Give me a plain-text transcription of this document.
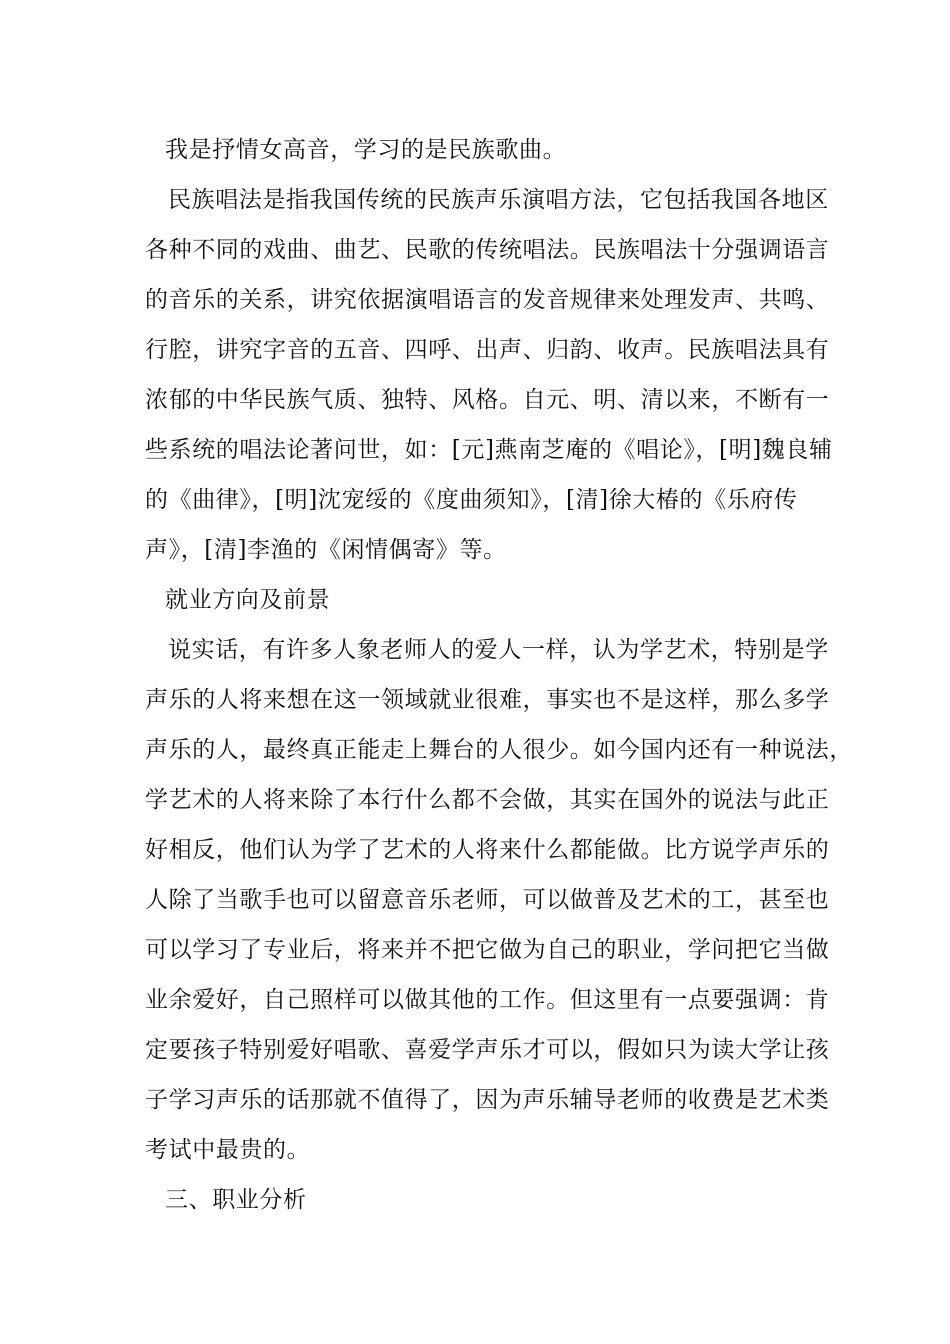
我是抒情女高音，学习的是民族歌曲。
民族唱法是指我国传统的民族声乐演唱方法，它包括我国各地区
各种不同的戏曲、曲艺、民歌的传统唱法。民族唱法十分强调语言
的音乐的关系，讲究依据演唱语言的发音规律来处理发声、共鸣、
行腔，讲究字音的五音、四呼、出声、归韵、收声。民族唱法具有
浓郁的中华民族气质、独特、风格。自元、明、清以来，不断有一
些系统的唱法论著问世，如：[元]燕南芝庵的《唱论》，[明]魏良辅
的《曲律》，[明]沈宠绥的《度曲须知》，[清]徐大椿的《乐府传
声》，[清]李渔的《闲情偶寄》等。
就业方向及前景
说实话，有许多人象老师人的爱人一样，认为学艺术，特别是学
声乐的人将来想在这一领域就业很难，事实也不是这样，那么多学
声乐的人，最终真正能走上舞台的人很少。如今国内还有一种说法，
学艺术的人将来除了本行什么都不会做，其实在国外的说法与此正
好相反，他们认为学了艺术的人将来什么都能做。比方说学声乐的
人除了当歌手也可以留意音乐老师，可以做普及艺术的工，甚至也
可以学习了专业后，将来并不把它做为自己的职业，学问把它当做
业余爱好，自己照样可以做其他的工作。但这里有一点要强调：肯
定要孩子特别爱好唱歌、喜爱学声乐才可以，假如只为读大学让孩
子学习声乐的话那就不值得了，因为声乐辅导老师的收费是艺术类
考试中最贵的。
三、职业分析
